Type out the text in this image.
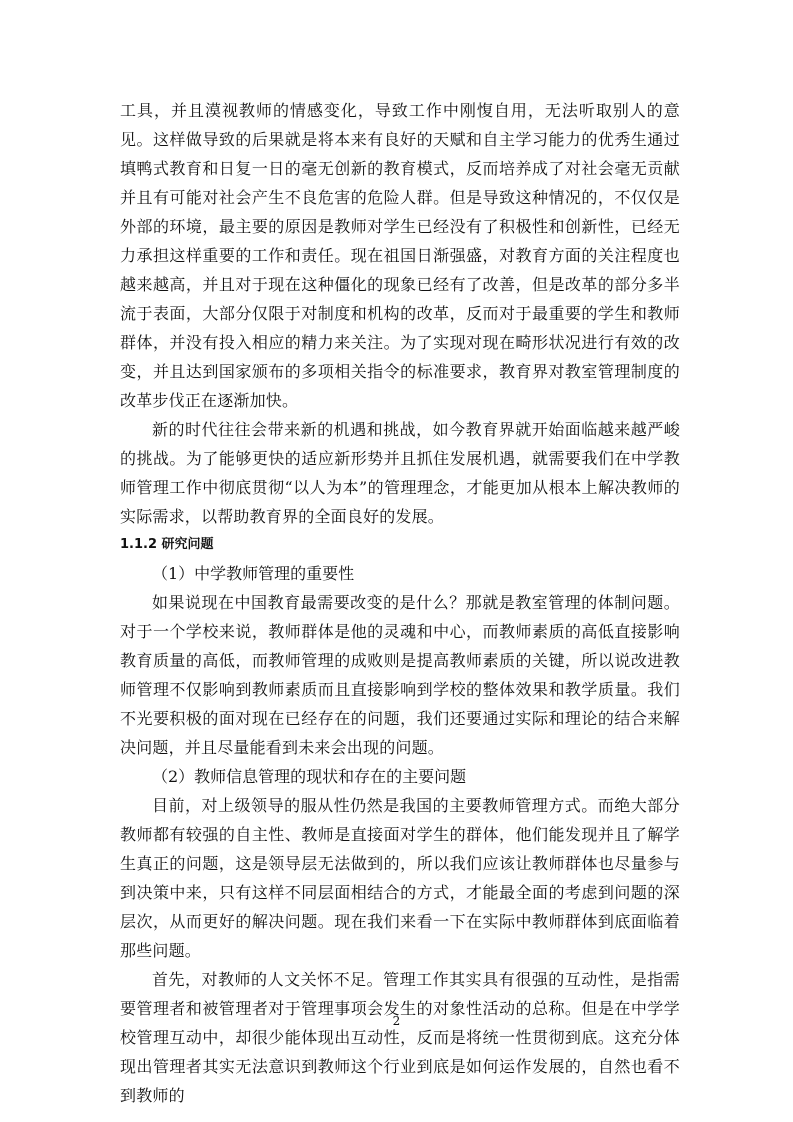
工具，并且漠视教师的情感变化，导致工作中刚愎自用，无法听取别人的意见。这样做导致的后果就是将本来有良好的天赋和自主学习能力的优秀生通过填鸭式教育和日复一日的毫无创新的教育模式，反而培养成了对社会毫无贡献并且有可能对社会产生不良危害的危险人群。但是导致这种情况的，不仅仅是外部的环境，最主要的原因是教师对学生已经没有了积极性和创新性，已经无力承担这样重要的工作和责任。现在祖国日渐强盛，对教育方面的关注程度也越来越高，并且对于现在这种僵化的现象已经有了改善，但是改革的部分多半流于表面，大部分仅限于对制度和机构的改革，反而对于最重要的学生和教师群体，并没有投入相应的精力来关注。为了实现对现在畸形状况进行有效的改变，并且达到国家颁布的多项相关指令的标准要求，教育界对教室管理制度的改革步伐正在逐渐加快。

新的时代往往会带来新的机遇和挑战，如今教育界就开始面临越来越严峻的挑战。为了能够更快的适应新形势并且抓住发展机遇，就需要我们在中学教师管理工作中彻底贯彻“以人为本”的管理理念，才能更加从根本上解决教师的实际需求，以帮助教育界的全面良好的发展。

1.1.2 研究问题

（1）中学教师管理的重要性

如果说现在中国教育最需要改变的是什么？那就是教室管理的体制问题。对于一个学校来说，教师群体是他的灵魂和中心，而教师素质的高低直接影响教育质量的高低，而教师管理的成败则是提高教师素质的关键，所以说改进教师管理不仅影响到教师素质而且直接影响到学校的整体效果和教学质量。我们不光要积极的面对现在已经存在的问题，我们还要通过实际和理论的结合来解决问题，并且尽量能看到未来会出现的问题。

（2）教师信息管理的现状和存在的主要问题

目前，对上级领导的服从性仍然是我国的主要教师管理方式。而绝大部分教师都有较强的自主性、教师是直接面对学生的群体，他们能发现并且了解学生真正的问题，这是领导层无法做到的，所以我们应该让教师群体也尽量参与到决策中来，只有这样不同层面相结合的方式，才能最全面的考虑到问题的深层次，从而更好的解决问题。现在我们来看一下在实际中教师群体到底面临着那些问题。

首先，对教师的人文关怀不足。管理工作其实具有很强的互动性，是指需要管理者和被管理者对于管理事项会发生的对象性活动的总称。但是在中学学校管理互动中，却很少能体现出互动性，反而是将统一性贯彻到底。这充分体现出管理者其实无法意识到教师这个行业到底是如何运作发展的，自然也看不到教师的

2
